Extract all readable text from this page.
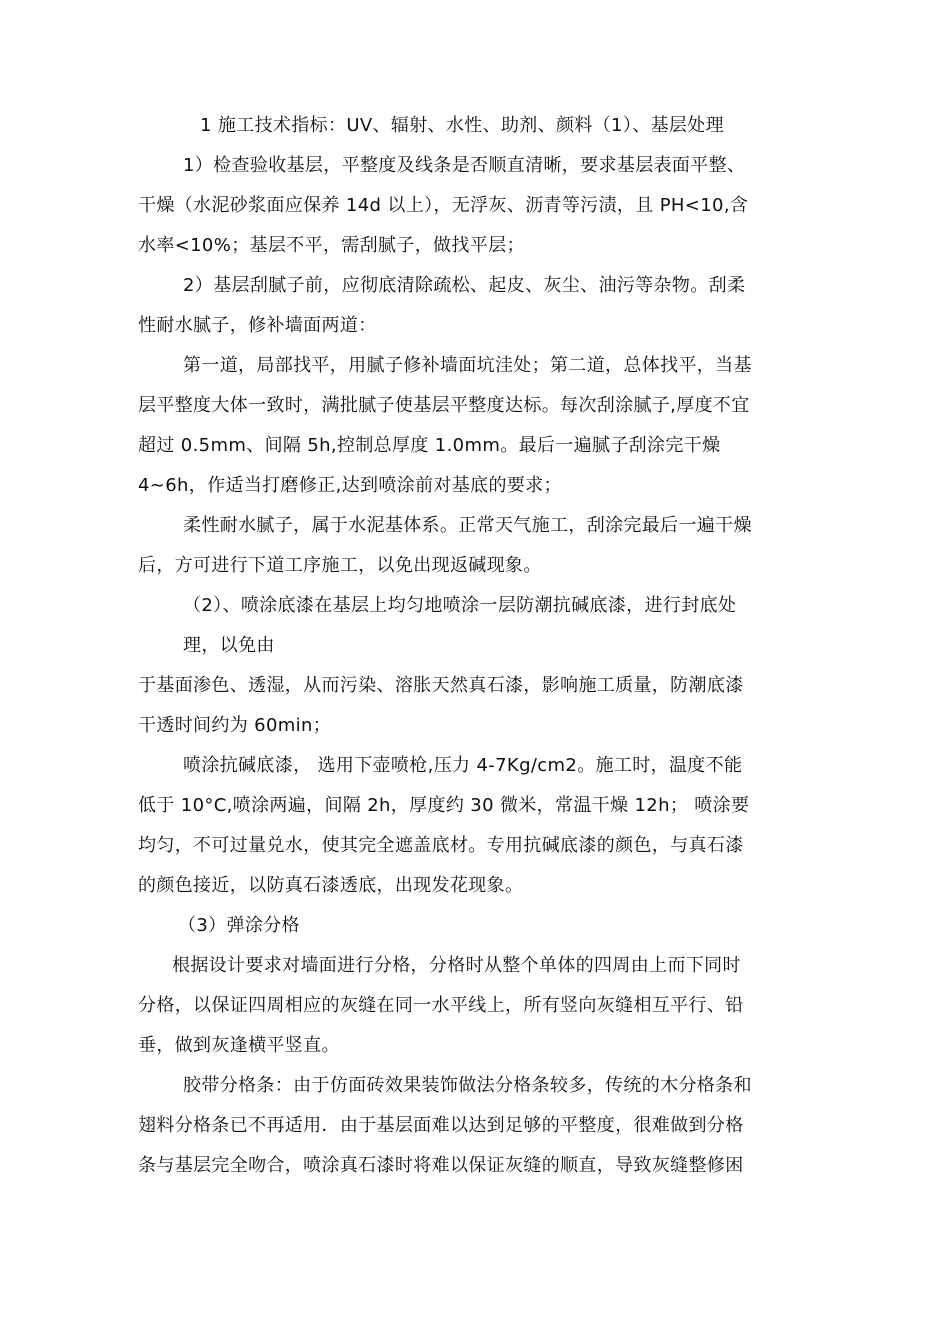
1 施工技术指标：UV、辐射、水性、助剂、颜料（1）、基层处理
1）检查验收基层，平整度及线条是否顺直清晰，要求基层表面平整、
干燥（水泥砂浆面应保养 14d 以上），无浮灰、沥青等污渍，且 PH<10,含
水率<10%；基层不平，需刮腻子，做找平层；
2）基层刮腻子前，应彻底清除疏松、起皮、灰尘、油污等杂物。刮柔
性耐水腻子，修补墙面两道：
第一道，局部找平，用腻子修补墙面坑洼处；第二道，总体找平，当基
层平整度大体一致时，满批腻子使基层平整度达标。每次刮涂腻子,厚度不宜
超过 0.5mm、间隔 5h,控制总厚度 1.0mm。最后一遍腻子刮涂完干燥
4~6h，作适当打磨修正,达到喷涂前对基底的要求；
柔性耐水腻子，属于水泥基体系。正常天气施工，刮涂完最后一遍干燥
后，方可进行下道工序施工，以免出现返碱现象。
（2）、喷涂底漆在基层上均匀地喷涂一层防潮抗碱底漆，进行封底处
理，以免由
于基面渗色、透湿，从而污染、溶胀天然真石漆，影响施工质量，防潮底漆
干透时间约为 60min；
喷涂抗碱底漆， 选用下壶喷枪,压力 4-7Kg/cm2。施工时，温度不能
低于 10°C,喷涂两遍，间隔 2h，厚度约 30 微米，常温干燥 12h； 喷涂要
均匀，不可过量兑水，使其完全遮盖底材。专用抗碱底漆的颜色，与真石漆
的颜色接近，以防真石漆透底，出现发花现象。
（3）弹涂分格
根据设计要求对墙面进行分格，分格时从整个单体的四周由上而下同时
分格，以保证四周相应的灰缝在同一水平线上，所有竖向灰缝相互平行、铅
垂，做到灰逢横平竖直。
胶带分格条：由于仿面砖效果装饰做法分格条较多，传统的木分格条和
翅料分格条已不再适用．由于基层面难以达到足够的平整度，很难做到分格
条与基层完全吻合，喷涂真石漆时将难以保证灰缝的顺直，导致灰缝整修困
